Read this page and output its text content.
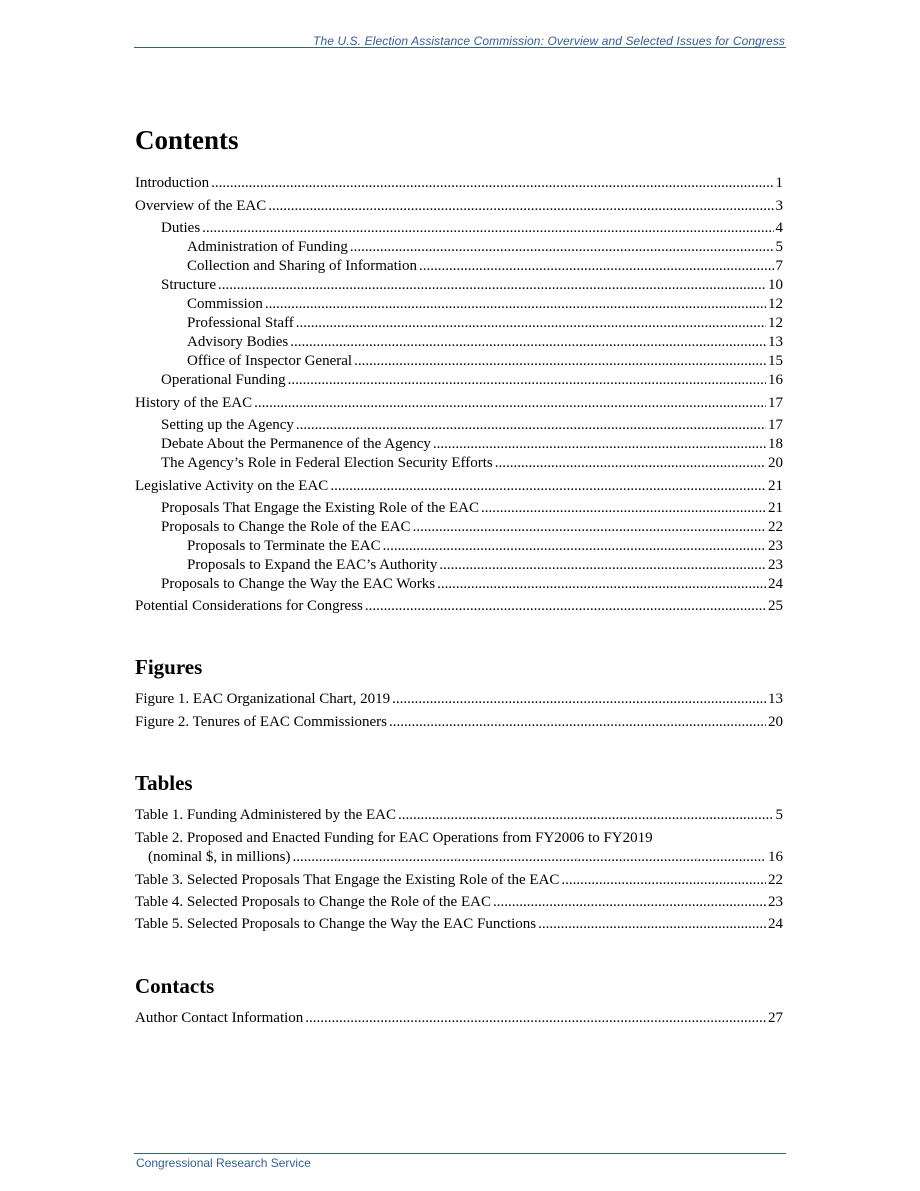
The U.S. Election Assistance Commission: Overview and Selected Issues for Congress
Contents
Introduction .....	1
Overview of the EAC .....	3
Duties .....	4
Administration of Funding .....	5
Collection and Sharing of Information .....	7
Structure .....	10
Commission .....	12
Professional Staff .....	12
Advisory Bodies .....	13
Office of Inspector General .....	15
Operational Funding .....	16
History of the EAC .....	17
Setting up the Agency .....	17
Debate About the Permanence of the Agency .....	18
The Agency’s Role in Federal Election Security Efforts .....	20
Legislative Activity on the EAC .....	21
Proposals That Engage the Existing Role of the EAC .....	21
Proposals to Change the Role of the EAC .....	22
Proposals to Terminate the EAC .....	23
Proposals to Expand the EAC’s Authority .....	23
Proposals to Change the Way the EAC Works .....	24
Potential Considerations for Congress .....	25
Figures
Figure 1. EAC Organizational Chart, 2019 .....	13
Figure 2. Tenures of EAC Commissioners .....	20
Tables
Table 1. Funding Administered by the EAC .....	5
Table 2. Proposed and Enacted Funding for EAC Operations from FY2006 to FY2019
(nominal $, in millions) .....	16
Table 3. Selected Proposals That Engage the Existing Role of the EAC .....	22
Table 4. Selected Proposals to Change the Role of the EAC .....	23
Table 5. Selected Proposals to Change the Way the EAC Functions .....	24
Contacts
Author Contact Information .....	27
Congressional Research Service
